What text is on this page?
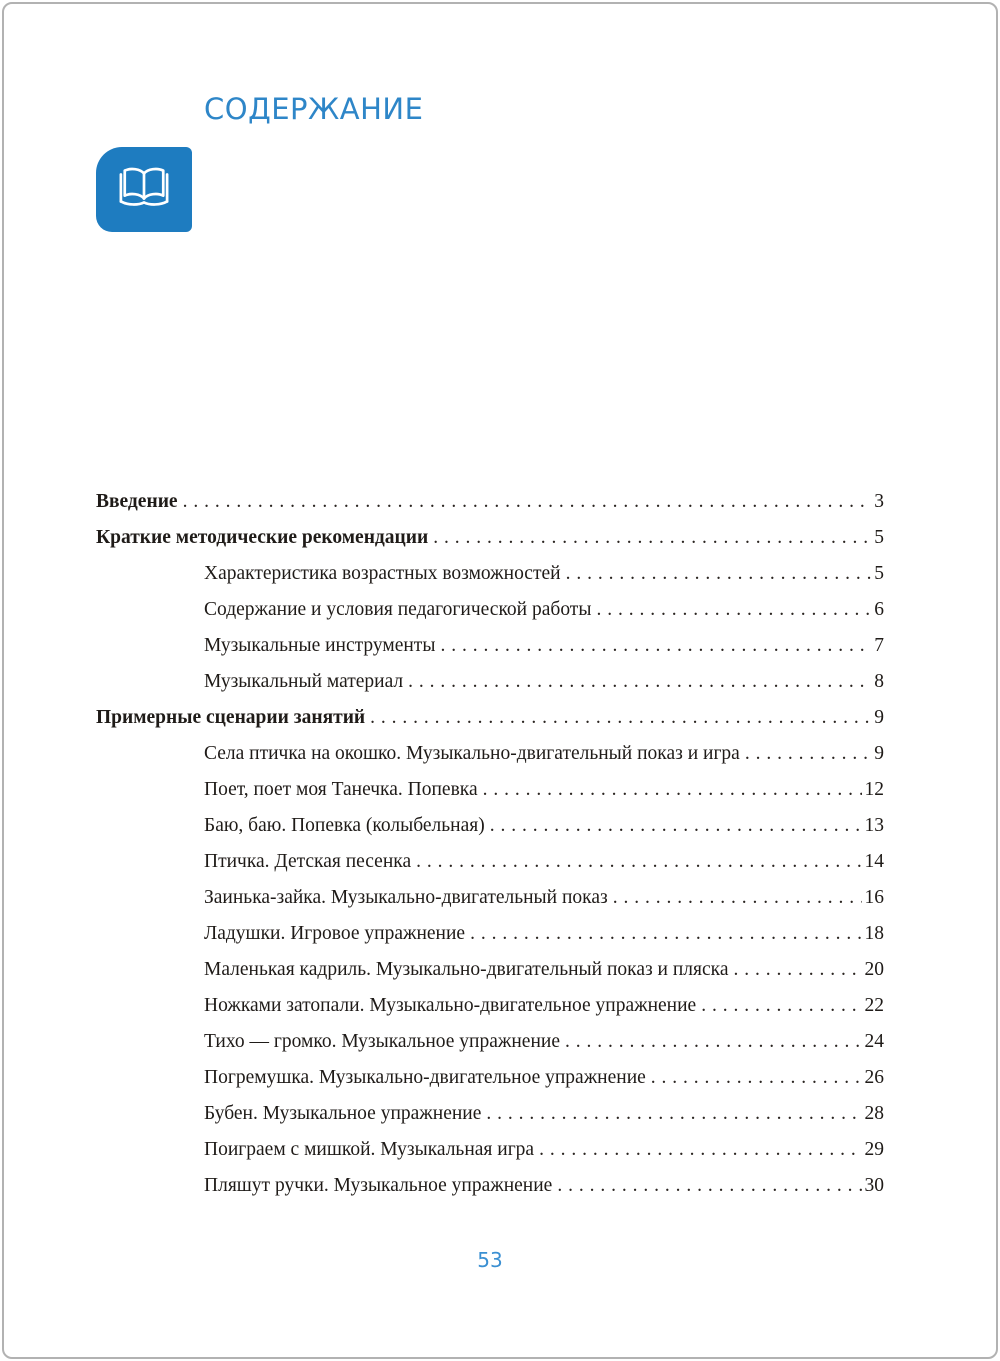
СОДЕРЖАНИЕ
Введение . . .	3
Краткие методические рекомендации . . .	5
Характеристика возрастных возможностей . . .	5
Содержание и условия педагогической работы . . .	6
Музыкальные инструменты . . .	7
Музыкальный материал . . .	8
Примерные сценарии занятий . . .	9
Села птичка на окошко. Музыкально-двигательный показ и игра . . .	9
Поет, поет моя Танечка. Попевка . . .	12
Баю, баю. Попевка (колыбельная) . . .	13
Птичка. Детская песенка . . .	14
Заинька-зайка. Музыкально-двигательный показ . . .	16
Ладушки. Игровое упражнение . . .	18
Маленькая кадриль. Музыкально-двигательный показ и пляска . . .	20
Ножками затопали. Музыкально-двигательное упражнение . . .	22
Тихо — громко. Музыкальное упражнение . . .	24
Погремушка. Музыкально-двигательное упражнение . . .	26
Бубен. Музыкальное упражнение . . .	28
Поиграем с мишкой. Музыкальная игра . . .	29
Пляшут ручки. Музыкальное упражнение . . .	30
53
